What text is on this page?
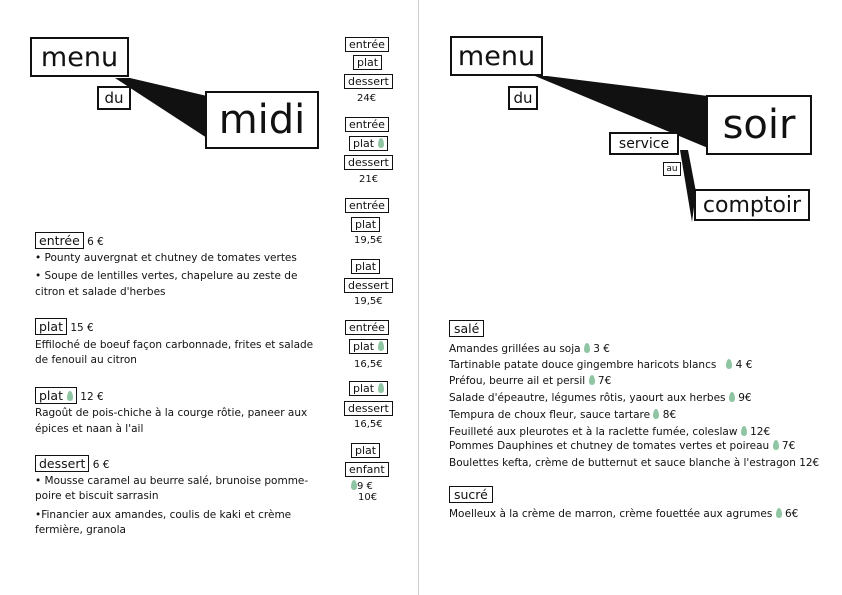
menu
du midi
entrée
plat
dessert
24€
entrée
plat
dessert
21€
entrée
plat
19,5€
plat
dessert
19,5€
entrée
plat
16,5€
plat
dessert
16,5€
plat
enfant
9 €
10€
entrée 6 €
• Pounty auvergnat et chutney de tomates vertes
• Soupe de lentilles vertes, chapelure au zeste de
citron et salade d'herbes
plat 15 €
Effiloché de boeuf façon carbonnade, frites et salade
de fenouil au citron
plat 12 €
Ragoût de pois-chiche à la courge rôtie, paneer aux
épices et naan à l'ail
dessert 6 €
• Mousse caramel au beurre salé, brunoise pomme-
poire et biscuit sarrasin
•Financier aux amandes, coulis de kaki et crème
fermière, granola
menu
du
soir
service
au
comptoir
salé
Amandes grillées au soja 3 €
Tartinable patate douce gingembre haricots blancs 4 €
Préfou, beurre ail et persil 7€
Salade d'épeautre, légumes rôtis, yaourt aux herbes 9€
Tempura de choux fleur, sauce tartare 8€
Feuilleté aux pleurotes et à la raclette fumée, coleslaw 12€
Pommes Dauphines et chutney de tomates vertes et poireau 7€
Boulettes kefta, crème de butternut et sauce blanche à l'estragon 12€
sucré
Moelleux à la crème de marron, crème fouettée aux agrumes 6€
